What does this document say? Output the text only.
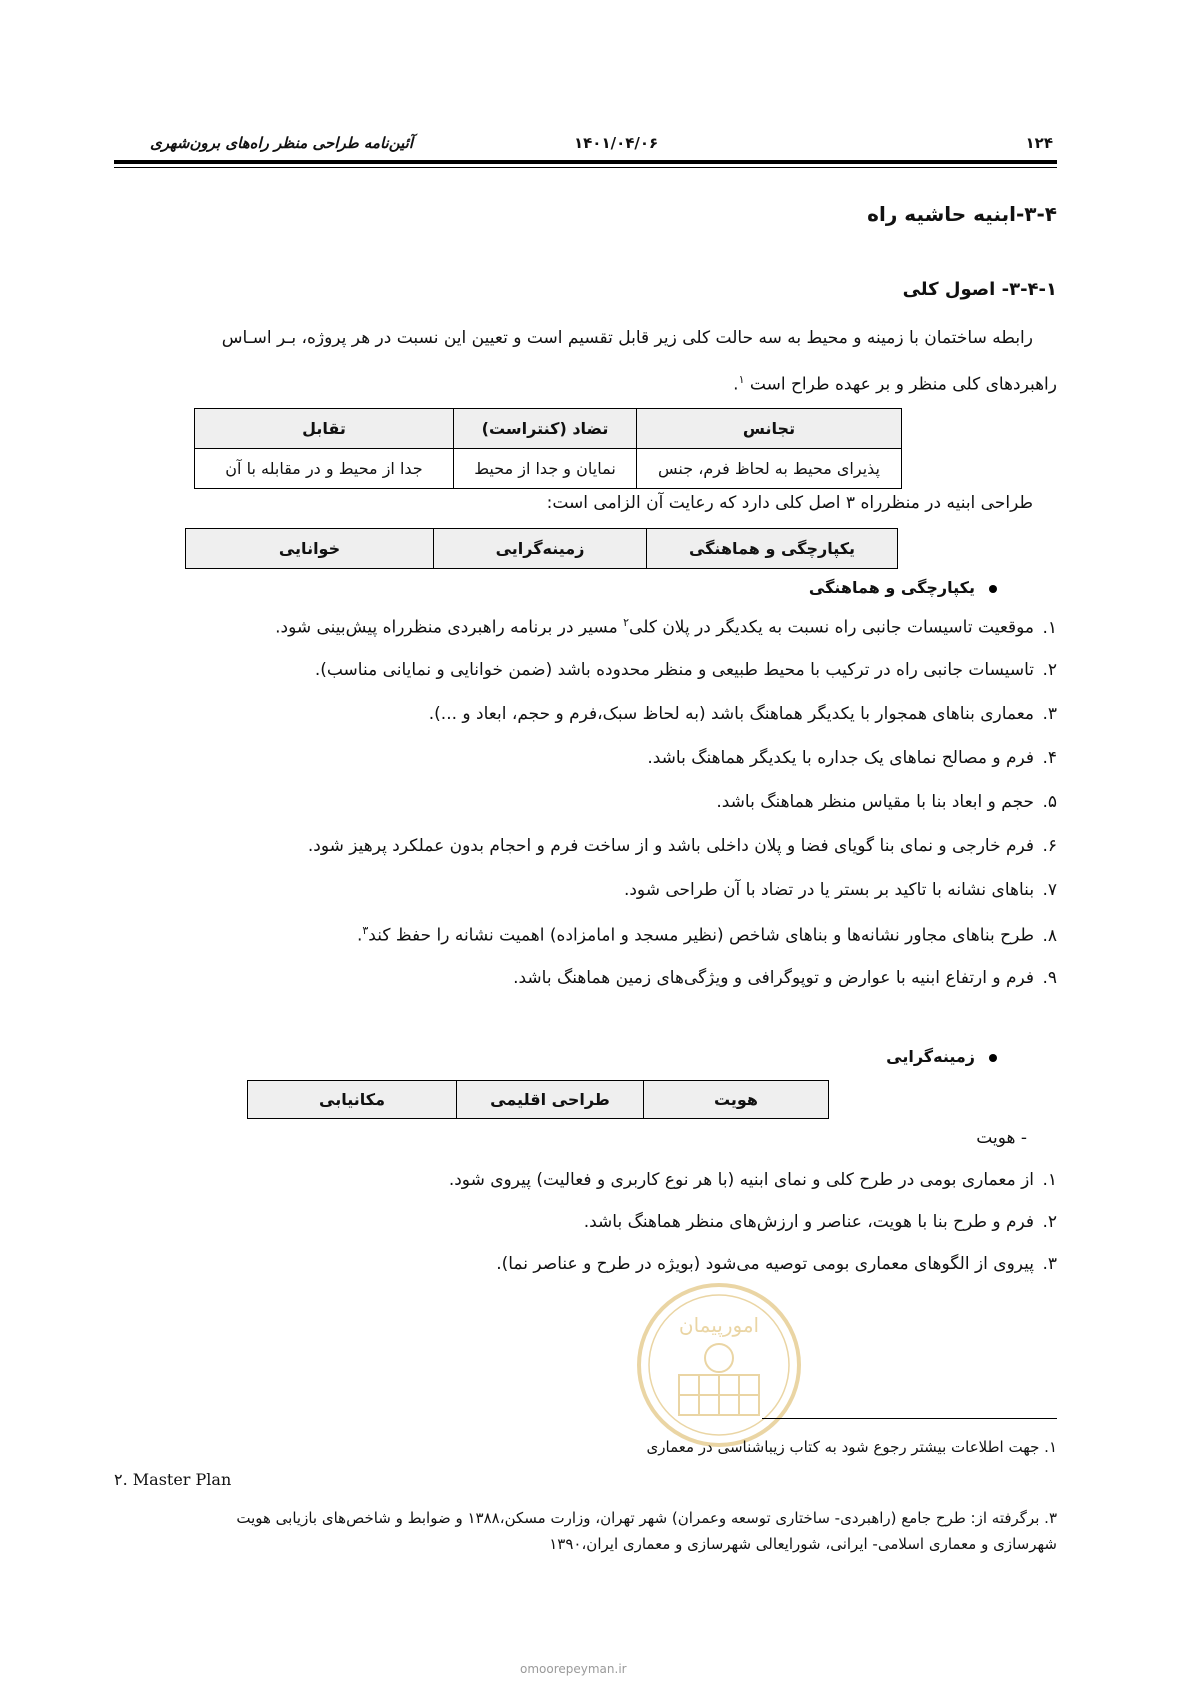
۱۲۴
۱۴۰۱/۰۴/۰۶
آئین‌نامه طراحی منظر راه‌های برون‌شهری
۳-۴-ابنیه حاشیه راه
۳-۴-۱- اصول کلی
رابطه ساختمان با زمینه و محیط به سه حالت کلی زیر قابل تقسیم است و تعیین این نسبت در هر پروژه، بـر اسـاس
راهبردهای کلی منظر و بر عهده طراح است $^۱$.
تجانس	تضاد (کنتراست)	تقابل
پذیرای محیط به لحاظ فرم، جنس	نمایان و جدا از محیط	جدا از محیط و در مقابله با آن
طراحی ابنیه در منظرراه ۳ اصل کلی دارد که رعایت آن الزامی است:
یکپارچگی و هماهنگی	زمینه‌گرایی	خوانایی
یکپارچگی و هماهنگی
۱. موقعیت تاسیسات جانبی راه نسبت به یکدیگر در پلان کلی$^۲$ مسیر در برنامه راهبردی منظرراه پیش‌بینی شود.
۲. تاسیسات جانبی راه در ترکیب با محیط طبیعی و منظر محدوده باشد (ضمن خوانایی و نمایانی مناسب).
۳. معماری بناهای همجوار با یکدیگر هماهنگ باشد (به لحاظ سبک،فرم و حجم، ابعاد و ...).
۴. فرم و مصالح نماهای یک جداره با یکدیگر هماهنگ باشد.
۵. حجم و ابعاد بنا با مقیاس منظر هماهنگ باشد.
۶. فرم خارجی و نمای بنا گویای فضا و پلان داخلی باشد و از ساخت فرم و احجام بدون عملکرد پرهیز شود.
۷. بناهای نشانه با تاکید بر بستر یا در تضاد با آن طراحی شود.
۸. طرح بناهای مجاور نشانه‌ها و بناهای شاخص (نظیر مسجد و امامزاده) اهمیت نشانه را حفظ کند$^۳$.
۹. فرم و ارتفاع ابنیه با عوارض و توپوگرافی و ویژگی‌های زمین هماهنگ باشد.
زمینه‌گرایی
هویت	طراحی اقلیمی	مکانیابی
- هویت
۱. از معماری بومی در طرح کلی و نمای ابنیه (با هر نوع کاربری و فعالیت) پیروی شود.
۲. فرم و طرح بنا با هویت، عناصر و ارزش‌های منظر هماهنگ باشد.
۳. پیروی از الگوهای معماری بومی توصیه می‌شود (بویژه در طرح و عناصر نما).
امورپیمان
۱. جهت اطلاعات بیشتر رجوع شود به کتاب زیباشناسی در معماری
۲. Master Plan
۳. برگرفته از: طرح جامع (راهبردی- ساختاری توسعه وعمران) شهر تهران، وزارت مسکن،۱۳۸۸ و ضوابط و شاخص‌های بازیابی هویت
شهرسازی و معماری اسلامی- ایرانی، شورایعالی شهرسازی و معماری ایران،۱۳۹۰
omoorepeyman.ir
